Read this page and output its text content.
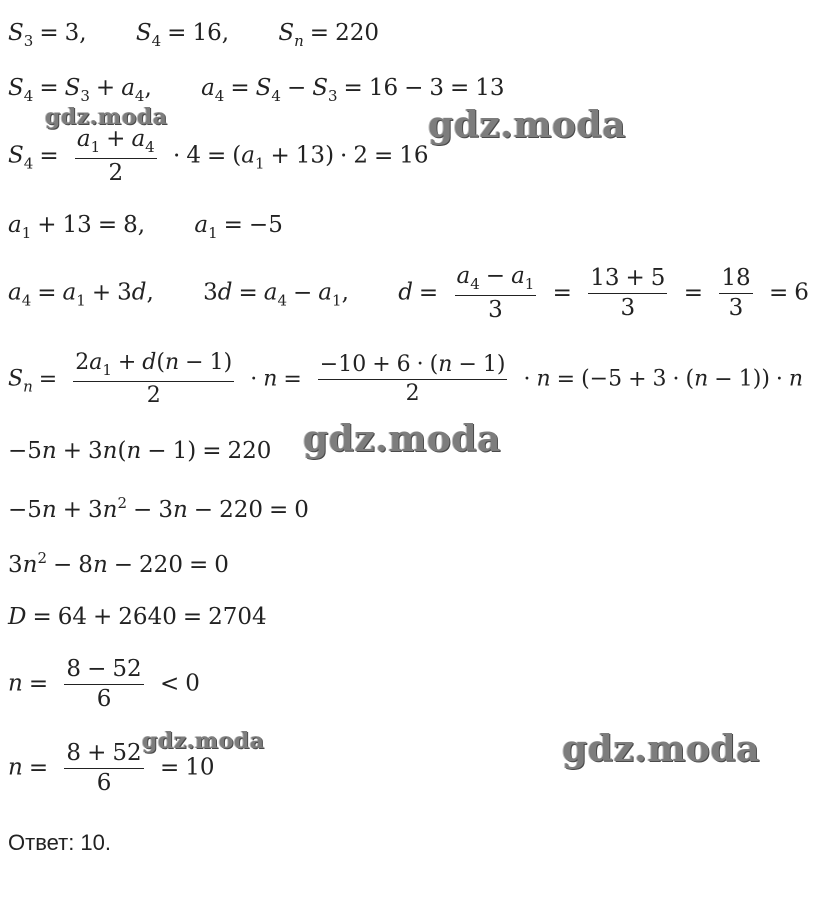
$S_3 = 3$, $S_4 = 16$, $S_n = 220$
$S_4 = S_3 + a_4$, $a_4 = S_4 - S_3 = 16 - 3 = 13$
$S_4 = \frac{a_1 + a_4}{2} \cdot 4 = (a_1 + 13) \cdot 2 = 16$
$a_1 + 13 = 8$, $a_1 = -5$
$a_4 = a_1 + 3d$, $3d = a_4 - a_1$, $d = \frac{a_4 - a_1}{3} = \frac{13 + 5}{3} = \frac{18}{3} = 6$
$S_n = \frac{2a_1 + d(n - 1)}{2} \cdot n = \frac{-10 + 6 \cdot (n - 1)}{2} \cdot n = (-5 + 3 \cdot (n - 1)) \cdot n$
−5n + 3n(n − 1) = 220
$-5n + 3n^2 - 3n - 220 = 0$
$3n^2 - 8n - 220 = 0$
D = 64 + 2640 = 2704
$n = \frac{8 - 52}{6} < 0$
$n = \frac{8 + 52}{6} = 10$
Ответ: 10.
gdz.moda	gdz.moda
gdz.moda
gdz.moda	gdz.moda
